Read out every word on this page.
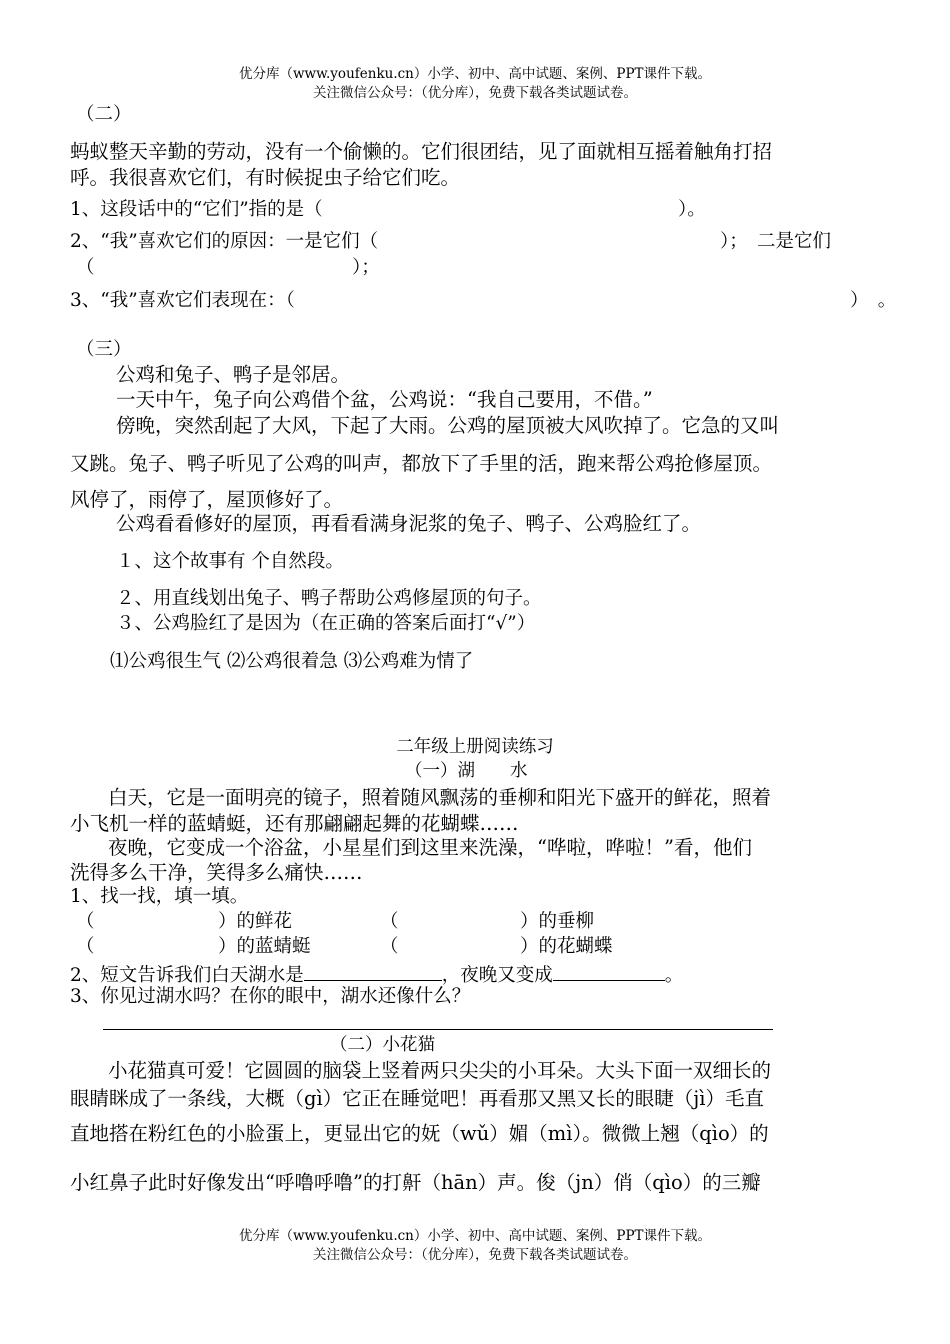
优分库（www.youfenku.cn）小学、初中、高中试题、案例、PPT课件下载。
关注微信公众号：（优分库），免费下载各类试题试卷。
（二）
蚂蚁整天辛勤的劳动，没有一个偷懒的。它们很团结，见了面就相互摇着触角打招
呼。我很喜欢它们，有时候捉虫子给它们吃。
1、这段话中的“它们”指的是（	）。
2、“我”喜欢它们的原因：一是它们（	）；　二是它们
（	）；
3、“我”喜欢它们表现在：（	）　。
（三）
公鸡和兔子、鸭子是邻居。
一天中午，兔子向公鸡借个盆，公鸡说：“我自己要用，不借。”
傍晚，突然刮起了大风，下起了大雨。公鸡的屋顶被大风吹掉了。它急的又叫
又跳。兔子、鸭子听见了公鸡的叫声，都放下了手里的活，跑来帮公鸡抢修屋顶。
风停了，雨停了，屋顶修好了。
公鸡看看修好的屋顶，再看看满身泥浆的兔子、鸭子、公鸡脸红了。
１、这个故事有 个自然段。
２、用直线划出兔子、鸭子帮助公鸡修屋顶的句子。
３、公鸡脸红了是因为（在正确的答案后面打“√”）
⑴公鸡很生气 ⑵公鸡很着急 ⑶公鸡难为情了
二年级上册阅读练习
（一）湖　　水
白天，它是一面明亮的镜子，照着随风飘荡的垂柳和阳光下盛开的鲜花，照着
小飞机一样的蓝蜻蜓，还有那翩翩起舞的花蝴蝶……
夜晚，它变成一个浴盆，小星星们到这里来洗澡，“哗啦，哗啦！”看，他们
洗得多么干净，笑得多么痛快……
1、找一找，填一填。
（	）的鲜花	（	）的垂柳
（	）的蓝蜻蜓	（	）的花蝴蝶
2、短文告诉我们白天湖水是	，夜晚又变成	。
3、你见过湖水吗？在你的眼中，湖水还像什么？
（二）小花猫
小花猫真可爱！它圆圆的脑袋上竖着两只尖尖的小耳朵。大头下面一双细长的
眼睛眯成了一条线，大概（gì）它正在睡觉吧！再看那又黑又长的眼睫（jì）毛直
直地搭在粉红色的小脸蛋上，更显出它的妩（wǔ）媚（mì）。微微上翘（qìo）的
小红鼻子此时好像发出“呼噜呼噜”的打鼾（hān）声。俊（jn）俏（qìo）的三瓣
优分库（www.youfenku.cn）小学、初中、高中试题、案例、PPT课件下载。
关注微信公众号：（优分库），免费下载各类试题试卷。
